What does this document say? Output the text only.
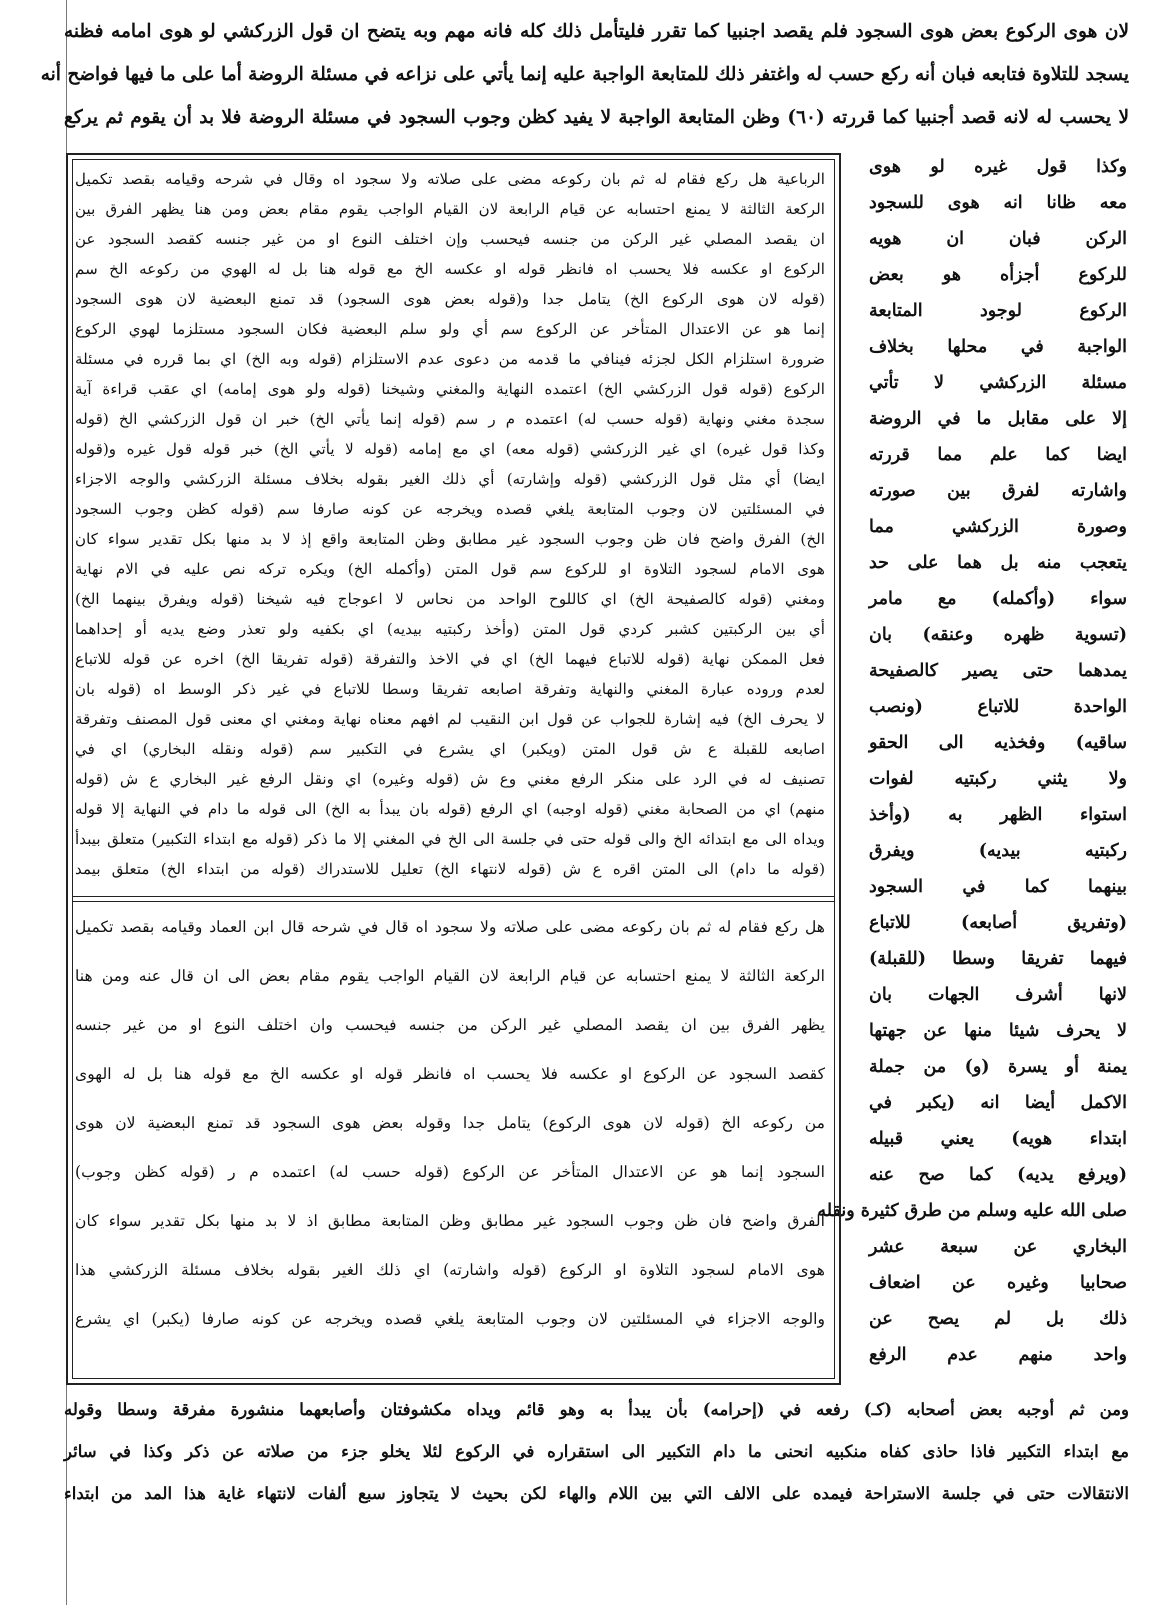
لان هوى الركوع بعض هوى السجود فلم يقصد اجنبيا كما تقرر فليتأمل ذلك كله فانه مهم وبه يتضح ان قول الزركشي لو هوى امامه فظنه
يسجد للتلاوة فتابعه فبان أنه ركع حسب له واغتفر ذلك للمتابعة الواجبة عليه إنما يأتي على نزاعه في مسئلة الروضة أما على ما فيها فواضح أنه
لا يحسب له لانه قصد أجنبيا كما قررته (٦٠) وظن المتابعة الواجبة لا يفيد كظن وجوب السجود في مسئلة الروضة فلا بد أن يقوم ثم يركع
وكذا قول غيره لو هوى
معه ظانا انه هوى للسجود
الركن فبان ان هويه
للركوع أجزأه هو بعض
الركوع لوجود المتابعة
الواجبة في محلها بخلاف
مسئلة الزركشي لا تأتي
إلا على مقابل ما في الروضة
ايضا كما علم مما قررته
واشارته لفرق بين صورته
وصورة الزركشي مما
يتعجب منه بل هما على حد
سواء (وأكمله) مع مامر
(تسوية ظهره وعنقه) بان
يمدهما حتى يصير كالصفيحة
الواحدة للاتباع (ونصب
ساقيه) وفخذيه الى الحقو
ولا يثني ركبتيه لفوات
استواء الظهر به (وأخذ
ركبتيه بيديه) ويفرق
بينهما كما في السجود
(وتفريق أصابعه) للاتباع
فيهما تفريقا وسطا (للقبلة)
لانها أشرف الجهات بان
لا يحرف شيئا منها عن جهتها
يمنة أو يسرة (و) من جملة
الاكمل أيضا انه (يكبر في
ابتداء هويه) يعني قبيله
(ويرفع يديه) كما صح عنه
صلى الله عليه وسلم من طرق كثيرة ونقله
البخاري عن سبعة عشر
صحابيا وغيره عن اضعاف
ذلك بل لم يصح عن
واحد منهم عدم الرفع
الرباعية هل ركع فقام له ثم بان ركوعه مضى على صلاته ولا سجود اه وقال في شرحه وقيامه بقصد تكميل
الركعة الثالثة لا يمنع احتسابه عن قيام الرابعة لان القيام الواجب يقوم مقام بعض ومن هنا يظهر الفرق بين
ان يقصد المصلي غير الركن من جنسه فيحسب وإن اختلف النوع او من غير جنسه كقصد السجود عن
الركوع او عكسه فلا يحسب اه فانظر قوله او عكسه الخ مع قوله هنا بل له الهوي من ركوعه الخ سم
(قوله لان هوى الركوع الخ) يتامل جدا و(قوله بعض هوى السجود) قد تمنع البعضية لان هوى السجود
إنما هو عن الاعتدال المتأخر عن الركوع سم أي ولو سلم البعضية فكان السجود مستلزما لهوي الركوع
ضرورة استلزام الكل لجزئه فينافي ما قدمه من دعوى عدم الاستلزام (قوله وبه الخ) اي بما قرره في مسئلة
الركوع (قوله قول الزركشي الخ) اعتمده النهاية والمغني وشيخنا (قوله ولو هوى إمامه) اي عقب قراءة آية
سجدة مغني ونهاية (قوله حسب له) اعتمده م ر سم (قوله إنما يأتي الخ) خبر ان قول الزركشي الخ (قوله
وكذا قول غيره) اي غير الزركشي (قوله معه) اي مع إمامه (قوله لا يأتي الخ) خبر قوله قول غيره و(قوله
ايضا) أي مثل قول الزركشي (قوله وإشارته) أي ذلك الغير بقوله بخلاف مسئلة الزركشي والوجه الاجزاء
في المسئلتين لان وجوب المتابعة يلغي قصده ويخرجه عن كونه صارفا سم (قوله كظن وجوب السجود
الخ) الفرق واضح فان ظن وجوب السجود غير مطابق وظن المتابعة واقع إذ لا بد منها بكل تقدير سواء كان
هوى الامام لسجود التلاوة او للركوع سم قول المتن (وأكمله الخ) ويكره تركه نص عليه في الام نهاية
ومغني (قوله كالصفيحة الخ) اي كاللوح الواحد من نحاس لا اعوجاج فيه شيخنا (قوله ويفرق بينهما الخ)
أي بين الركبتين كشبر كردي قول المتن (وأخذ ركبتيه بيديه) اي بكفيه ولو تعذر وضع يديه أو إحداهما
فعل الممكن نهاية (قوله للاتباع فيهما الخ) اي في الاخذ والتفرقة (قوله تفريقا الخ) اخره عن قوله للاتباع
لعدم وروده عبارة المغني والنهاية وتفرقة اصابعه تفريقا وسطا للاتباع في غير ذكر الوسط اه (قوله بان
لا يحرف الخ) فيه إشارة للجواب عن قول ابن النقيب لم افهم معناه نهاية ومغني اي معنى قول المصنف وتفرقة
اصابعه للقبلة ع ش قول المتن (ويكبر) اي يشرع في التكبير سم (قوله ونقله البخاري) اي في
تصنيف له في الرد على منكر الرفع مغني وع ش (قوله وغيره) اي ونقل الرفع غير البخاري ع ش (قوله
منهم) اي من الصحابة مغني (قوله اوجبه) اي الرفع (قوله بان يبدأ به الخ) الى قوله ما دام في النهاية إلا قوله
ويداه الى مع ابتدائه الخ والى قوله حتى في جلسة الى الخ في المغني إلا ما ذكر (قوله مع ابتداء التكبير) متعلق بيبدأ
(قوله ما دام) الى المتن اقره ع ش (قوله لانتهاء الخ) تعليل للاستدراك (قوله من ابتداء الخ) متعلق بيمد
هل ركع فقام له ثم بان ركوعه مضى على صلاته ولا سجود اه قال في شرحه قال ابن العماد وقيامه بقصد تكميل
الركعة الثالثة لا يمنع احتسابه عن قيام الرابعة لان القيام الواجب يقوم مقام بعض الى ان قال عنه ومن هنا
يظهر الفرق بين ان يقصد المصلي غير الركن من جنسه فيحسب وان اختلف النوع او من غير جنسه
كقصد السجود عن الركوع او عكسه فلا يحسب اه فانظر قوله او عكسه الخ مع قوله هنا بل له الهوى
من ركوعه الخ (قوله لان هوى الركوع) يتامل جدا وقوله بعض هوى السجود قد تمنع البعضية لان هوى
السجود إنما هو عن الاعتدال المتأخر عن الركوع (قوله حسب له) اعتمده م ر (قوله كظن وجوب)
الفرق واضح فان ظن وجوب السجود غير مطابق وظن المتابعة مطابق اذ لا بد منها بكل تقدير سواء كان
هوى الامام لسجود التلاوة او الركوع (قوله واشارته) اي ذلك الغير بقوله بخلاف مسئلة الزركشي هذا
والوجه الاجزاء في المسئلتين لان وجوب المتابعة يلغي قصده ويخرجه عن كونه صارفا (يكبر) اي يشرع
ومن ثم أوجبه بعض أصحابه (كـ) رفعه في (إحرامه) بأن يبدأ به وهو قائم ويداه مكشوفتان وأصابعهما منشورة مفرقة وسطا وقوله
مع ابتداء التكبير فاذا حاذى كفاه منكبيه انحنى ما دام التكبير الى استقراره في الركوع لئلا يخلو جزء من صلاته عن ذكر وكذا في سائر
الانتقالات حتى في جلسة الاستراحة فيمده على الالف التي بين اللام والهاء لكن بحيث لا يتجاوز سبع ألفات لانتهاء غاية هذا المد من ابتداء
